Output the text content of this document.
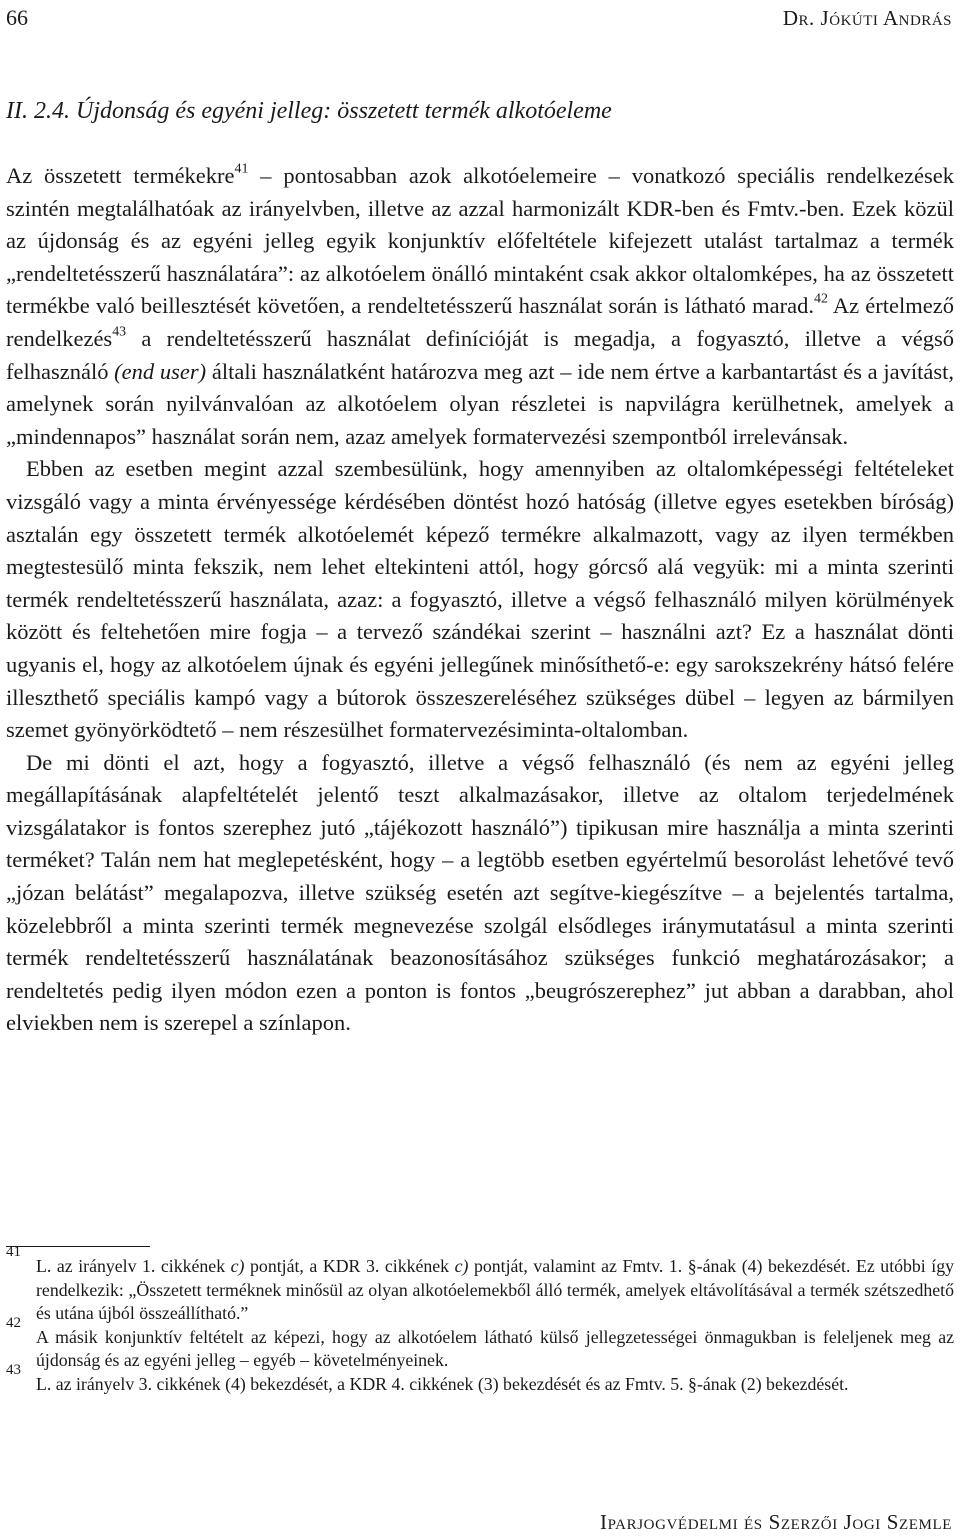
66	Dr. Jókúti András
II. 2.4. Újdonság és egyéni jelleg: összetett termék alkotóeleme

Az összetett termékekre$^{41}$ – pontosabban azok alkotóelemeire – vonatkozó speciális rendelkezések szintén megtalálhatóak az irányelvben, illetve az azzal harmonizált KDR-ben és Fmtv.-ben. Ezek közül az újdonság és az egyéni jelleg egyik konjunktív előfeltétele kifejezett utalást tartalmaz a termék „rendeltetésszerű használatára”: az alkotóelem önálló mintaként csak akkor oltalomképes, ha az összetett termékbe való beillesztését követően, a rendeltetésszerű használat során is látható marad.$^{42}$ Az értelmező rendelkezés$^{43}$ a rendeltetésszerű használat definícióját is megadja, a fogyasztó, illetve a végső felhasználó (end user) általi használatként határozva meg azt – ide nem értve a karbantartást és a javítást, amelynek során nyilvánvalóan az alkotóelem olyan részletei is napvilágra kerülhetnek, amelyek a „mindennapos” használat során nem, azaz amelyek formatervezési szempontból irrelevánsak.

Ebben az esetben megint azzal szembesülünk, hogy amennyiben az oltalomképességi feltételeket vizsgáló vagy a minta érvényessége kérdésében döntést hozó hatóság (illetve egyes esetekben bíróság) asztalán egy összetett termék alkotóelemét képező termékre alkalmazott, vagy az ilyen termékben megtestesülő minta fekszik, nem lehet eltekinteni attól, hogy górcső alá vegyük: mi a minta szerinti termék rendeltetésszerű használata, azaz: a fogyasztó, illetve a végső felhasználó milyen körülmények között és feltehetően mire fogja – a tervező szándékai szerint – használni azt? Ez a használat dönti ugyanis el, hogy az alkotóelem újnak és egyéni jellegűnek minősíthető-e: egy sarokszekrény hátsó felére illeszthető speciális kampó vagy a bútorok összeszereléséhez szükséges dübel – legyen az bármilyen szemet gyönyörködtető – nem részesülhet formatervezésiminta-oltalomban.

De mi dönti el azt, hogy a fogyasztó, illetve a végső felhasználó (és nem az egyéni jelleg megállapításának alapfeltételét jelentő teszt alkalmazásakor, illetve az oltalom terjedelmének vizsgálatakor is fontos szerephez jutó „tájékozott használó”) tipikusan mire használja a minta szerinti terméket? Talán nem hat meglepetésként, hogy – a legtöbb esetben egyértelmű besorolást lehetővé tevő „józan belátást” megalapozva, illetve szükség esetén azt segítve-kiegészítve – a bejelentés tartalma, közelebbről a minta szerinti termék megnevezése szolgál elsődleges iránymutatásul a minta szerinti termék rendeltetésszerű használatának beazonosításához szükséges funkció meghatározásakor; a rendeltetés pedig ilyen módon ezen a ponton is fontos „beugrószerephez” jut abban a darabban, ahol elviekben nem is szerepel a színlapon.

41
L. az irányelv 1. cikkének c) pontját, a KDR 3. cikkének c) pontját, valamint az Fmtv. 1. §-ának (4) bekezdését. Ez utóbbi így rendelkezik: „Összetett terméknek minősül az olyan alkotóelemekből álló termék, amelyek eltávolításával a termék szétszedhető és utána újból összeállítható.”
42
A másik konjunktív feltételt az képezi, hogy az alkotóelem látható külső jellegzetességei önmagukban is feleljenek meg az újdonság és az egyéni jelleg – egyéb – követelményeinek.
43
L. az irányelv 3. cikkének (4) bekezdését, a KDR 4. cikkének (3) bekezdését és az Fmtv. 5. §-ának (2) bekezdését.
Iparjogvédelmi és Szerzői Jogi Szemle
